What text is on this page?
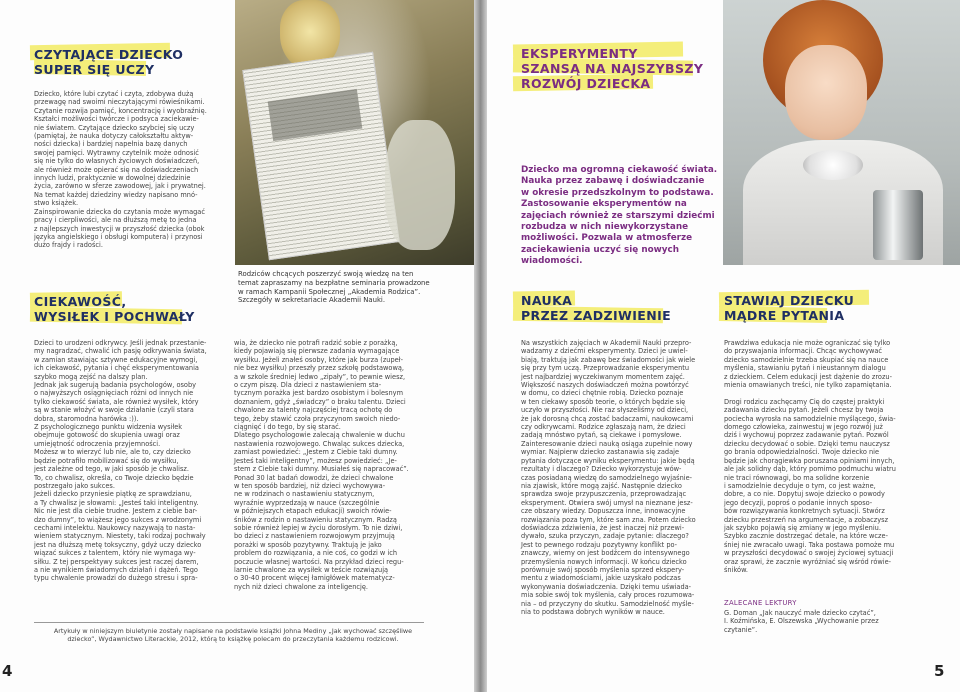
CZYTAJĄCE DZIECKO
SUPER SIĘ UCZY
Dziecko, które lubi czytać i czyta, zdobywa dużą
przewagę nad swoimi nieczytającymi rówieśnikami.
Czytanie rozwija pamięć, koncentrację i wyobraźnię.
Kształci możliwości twórcze i podsyca zaciekawie-
nie światem. Czytające dziecko szybciej się uczy
(pamiętaj, że nauka dotyczy całokształtu aktyw-
ności dziecka) i bardziej napełnia bazę danych
swojej pamięci. Wytrawny czytelnik może odnosić
się nie tylko do własnych życiowych doświadczeń,
ale również może opierać się na doświadczeniach
innych ludzi, praktycznie w dowolnej dziedzinie
życia, zarówno w sferze zawodowej, jak i prywatnej.
Na temat każdej dziedziny wiedzy napisano mnó-
stwo książek.
Zainspirowanie dziecka do czytania może wymagać
pracy i cierpliwości, ale na dłuższą metę to jedna
z najlepszych inwestycji w przyszłość dziecka (obok
języka angielskiego i obsługi komputera) i przynosi
dużo frajdy i radości.
Rodziców chcących poszerzyć swoją wiedzę na ten
temat zapraszamy na bezpłatne seminaria prowadzone
w ramach Kampanii Społecznej „Akademia Rodzica”.
Szczegóły w sekretariacie Akademii Nauki.
CIEKAWOŚĆ,
WYSIŁEK I POCHWAŁY
Dzieci to urodzeni odkrywcy. Jeśli jednak przestanie-
my nagradzać, chwalić ich pasję odkrywania świata,
w zamian stawiając sztywne edukacyjne wymogi,
ich ciekawość, pytania i chęć eksperymentowania
szybko mogą zejść na dalszy plan.
Jednak jak sugerują badania psychologów, osoby
o najwyższych osiągnięciach różni od innych nie
tylko ciekawość świata, ale również wysiłek, który
są w stanie włożyć w swoje działanie (czyli stara
dobra, staromodna harówka :)).
Z psychologicznego punktu widzenia wysiłek
obejmuje gotowość do skupienia uwagi oraz
umiejętność odroczenia przyjemności.
Możesz w to wierzyć lub nie, ale to, czy dziecko
będzie potrafiło mobilizować się do wysiłku,
jest zależne od tego, w jaki sposób je chwalisz.
To, co chwalisz, określa, co Twoje dziecko będzie
postrzegało jako sukces.
Jeżeli dziecko przyniesie piątkę ze sprawdzianu,
a Ty chwalisz je słowami: „Jesteś taki inteligentny.
Nic nie jest dla ciebie trudne. Jestem z ciebie bar-
dzo dumny”, to wiążesz jego sukces z wrodzonymi
cechami intelektu. Naukowcy nazywają to nasta-
wieniem statycznym. Niestety, taki rodzaj pochwały
jest na dłuższą metę toksyczny, gdyż uczy dziecko
wiązać sukces z talentem, który nie wymaga wy-
siłku. Z tej perspektywy sukces jest raczej darem,
a nie wynikiem świadomych działań i dążeń. Tego
typu chwalenie prowadzi do dużego stresu i spra-
wia, że dziecko nie potrafi radzić sobie z porażką,
kiedy pojawiają się pierwsze zadania wymagające
wysiłku. Jeżeli znałeś osoby, które jak burza (zupeł-
nie bez wysiłku) przeszły przez szkołę podstawową,
a w szkole średniej ledwo „zipały”, to pewnie wiesz,
o czym piszę. Dla dzieci z nastawieniem sta-
tycznym porażka jest bardzo osobistym i bolesnym
doznaniem, gdyż „świadczy” o braku talentu. Dzieci
chwalone za talenty najczęściej tracą ochotę do
tego, żeby stawić czoła przyczynom swoich niedo-
ciągnięć i do tego, by się starać.
Dlatego psychologowie zalecają chwalenie w duchu
nastawienia rozwojowego. Chwaląc sukces dziecka,
zamiast powiedzieć: „Jestem z Ciebie taki dumny.
Jesteś taki inteligentny”, możesz powiedzieć: „Je-
stem z Ciebie taki dumny. Musiałeś się napracować”.
Ponad 30 lat badań dowodzi, że dzieci chwalone
w ten sposób bardziej, niż dzieci wychowywa-
ne w rodzinach o nastawieniu statycznym,
wyraźnie wyprzedzają w nauce (szczególnie
w późniejszych etapach edukacji) swoich rówie-
śników z rodzin o nastawieniu statycznym. Radzą
sobie również lepiej w życiu dorosłym. To nie dziwi,
bo dzieci z nastawieniem rozwojowym przyjmują
porażki w sposób pozytywny. Traktują je jako
problem do rozwiązania, a nie coś, co godzi w ich
poczucie własnej wartości. Na przykład dzieci regu-
larnie chwalone za wysiłek w teście rozwiązują
o 30-40 procent więcej łamigłówek matematycz-
nych niż dzieci chwalone za inteligencję.
Artykuły w niniejszym biuletynie zostały napisane na podstawie książki Johna Mediny „Jak wychować szczęśliwe
dziecko”, Wydawnictwo Literackie, 2012, którą to książkę polecam do przeczytania każdemu rodzicowi.
4
EKSPERYMENTY
SZANSĄ NA NAJSZYBSZY
ROZWÓJ DZIECKA
Dziecko ma ogromną ciekawość świata.
Nauka przez zabawę i doświadczanie
w okresie przedszkolnym to podstawa.
Zastosowanie eksperymentów na
zajęciach również ze starszymi dziećmi
rozbudza w nich niewykorzystane
możliwości. Pozwala w atmosferze
zaciekawienia uczyć się nowych
wiadomości.
NAUKA
PRZEZ ZADZIWIENIE
STAWIAJ DZIECKU
MĄDRE PYTANIA
Na wszystkich zajęciach w Akademii Nauki przepro-
wadzamy z dziećmi eksperymenty. Dzieci je uwiel-
biają, traktują jak zabawę bez świadomości jak wiele
się przy tym uczą. Przeprowadzanie eksperymentu
jest najbardziej wyczekiwanym momentem zajęć.
Większość naszych doświadczeń można powtórzyć
w domu, co dzieci chętnie robią. Dziecko poznaje
w ten ciekawy sposób teorie, o których będzie się
uczyło w przyszłości. Nie raz słyszeliśmy od dzieci,
że jak dorosną chcą zostać badaczami, naukowcami
czy odkrywcami. Rodzice zgłaszają nam, że dzieci
zadają mnóstwo pytań, są ciekawe i pomysłowe.
Zainteresowanie dzieci nauką osiąga zupełnie nowy
wymiar. Najpierw dziecko zastanawia się zadaje
pytania dotyczące wyniku eksperymentu: jakie będą
rezultaty i dlaczego? Dziecko wykorzystuje wów-
czas posiadaną wiedzę do samodzielnego wyjaśnie-
nia zjawisk, które mogą zajść. Następnie dziecko
sprawdza swoje przypuszczenia, przeprowadzając
eksperyment. Otwiera swój umysł na nieznane jesz-
cze obszary wiedzy. Dopuszcza inne, innowacyjne
rozwiązania poza tym, które sam zna. Potem dziecko
doświadcza zdziwienia, że jest inaczej niż przewi-
dywało, szuka przyczyn, zadaje pytanie: dlaczego?
Jest to pewnego rodzaju pozytywny konflikt po-
znawczy, wiemy on jest bodźcem do intensywnego
przemyślenia nowych informacji. W końcu dziecko
porównuje swój sposób myślenia sprzed ekspery-
mentu z wiadomościami, jakie uzyskało podczas
wykonywania doświadczenia. Dzięki temu uświada-
mia sobie swój tok myślenia, cały proces rozumowa-
nia – od przyczyny do skutku. Samodzielność myśle-
nia to podstawa dobrych wyników w nauce.
Prawdziwa edukacja nie może ograniczać się tylko
do przyswajania informacji. Chcąc wychowywać
dziecko samodzielnie trzeba skupiać się na nauce
myślenia, stawianiu pytań i nieustannym dialogu
z dzieckiem. Celem edukacji jest dążenie do zrozu-
mienia omawianych treści, nie tylko zapamiętania.

Drogi rodzicu zachęcamy Cię do częstej praktyki
zadawania dziecku pytań. Jeżeli chcesz by twoja
pociecha wyrosła na samodzielnie myślącego, świa-
domego człowieka, zainwestuj w jego rozwój już
dziś i wychowuj poprzez zadawanie pytań. Pozwól
dziecku decydować o sobie. Dzięki temu nauczysz
go brania odpowiedzialności. Twoje dziecko nie
będzie jak chorągiewka poruszana opiniami innych,
ale jak solidny dąb, który pomimo podmuchu wiatru
nie traci równowagi, bo ma solidne korzenie
i samodzielnie decyduje o tym, co jest ważne,
dobre, a co nie. Dopytuj swoje dziecko o powody
jego decyzji, poproś o podanie innych sposo-
bów rozwiązywania konkretnych sytuacji. Stwórz
dziecku przestrzeń na argumentacje, a zobaczysz
jak szybko pojawią się zmiany w jego myśleniu.
Szybko zacznie dostrzegać detale, na które wcze-
śniej nie zwracało uwagi. Taka postawa pomoże mu
w przyszłości decydować o swojej życiowej sytuacji
oraz sprawi, że zacznie wyróżniać się wśród rówie-
śników.
ZALECANE LEKTURY
G. Doman „Jak nauczyć małe dziecko czytać”,
I. Koźmińska, E. Olszewska „Wychowanie przez
czytanie”.
5
